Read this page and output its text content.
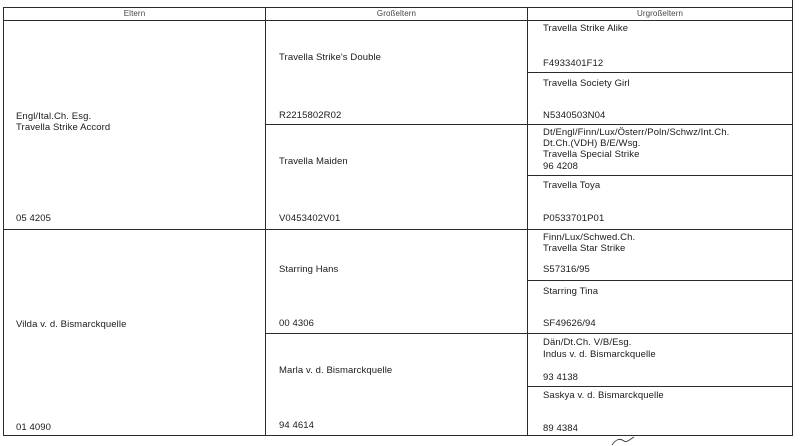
Eltern	Großeltern	Urgroßeltern
Engl/Ital.Ch. Esg.
Travella Strike Accord
05 4205
Vilda v. d. Bismarckquelle
01 4090
Travella Strike's Double
R2215802R02
Travella Maiden
V0453402V01
Starring Hans
00 4306
Marla v. d. Bismarckquelle
94 4614
Travella Strike Alike
F4933401F12
Travella Society Girl
N5340503N04
Dt/Engl/Finn/Lux/Österr/Poln/Schwz/Int.Ch.
Dt.Ch.(VDH) B/E/Wsg.
Travella Special Strike
96 4208
Travella Toya
P0533701P01
Finn/Lux/Schwed.Ch.
Travella Star Strike
S57316/95
Starring Tina
SF49626/94
Dän/Dt.Ch. V/B/Esg.
Indus v. d. Bismarckquelle
93 4138
Saskya v. d. Bismarckquelle
89 4384
